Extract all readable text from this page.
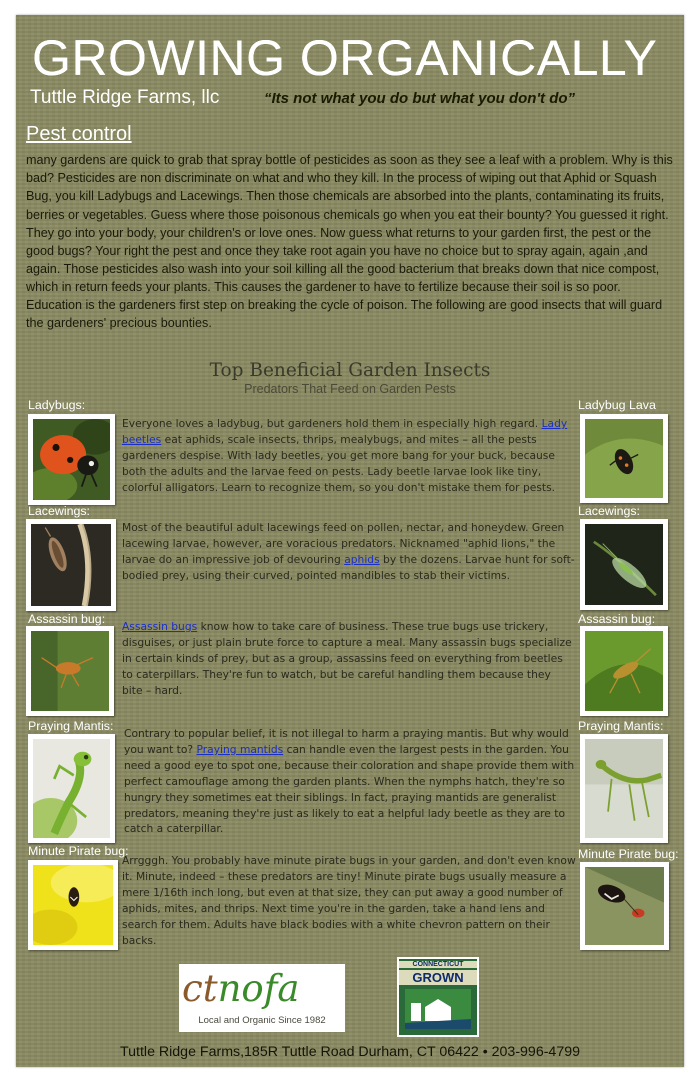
GROWING ORGANICALLY
Tuttle Ridge Farms, llc	“Its not what you do but what you don't do”
Pest control
many gardens are quick to grab that spray bottle of pesticides as soon as they see a leaf with a problem. Why is this bad? Pesticides are non discriminate on what and who they kill. In the process of wiping out that Aphid or Squash Bug, you kill Ladybugs and Lacewings. Then those chemicals are absorbed into the plants, contaminating its fruits, berries or vegetables. Guess where those poisonous chemicals go when you eat their bounty? You guessed it right. They go into your body, your children's or love ones. Now guess what returns to your garden first, the pest or the good bugs? Your right the pest and once they take root again you have no choice but to spray again, again ,and again. Those pesticides also wash into your soil killing all the good bacterium that breaks down that nice compost, which in return feeds your plants. This causes the gardener to have to fertilize because their soil is so poor.
Education is the gardeners first step on breaking the cycle of poison. The following are good insects that will guard the gardeners' precious bounties.
Top Beneficial Garden Insects
Predators That Feed on Garden Pests
Ladybugs:
Everyone loves a ladybug, but gardeners hold them in especially high regard. Lady beetles eat aphids, scale insects, thrips, mealybugs, and mites – all the pests gardeners despise. With lady beetles, you get more bang for your buck, because both the adults and the larvae feed on pests. Lady beetle larvae look like tiny, colorful alligators. Learn to recognize them, so you don't mistake them for pests.
Ladybug Lava
Lacewings:
Most of the beautiful adult lacewings feed on pollen, nectar, and honeydew. Green lacewing larvae, however, are voracious predators. Nicknamed "aphid lions," the larvae do an impressive job of devouring aphids by the dozens. Larvae hunt for soft-bodied prey, using their curved, pointed mandibles to stab their victims.
Lacewings:
Assassin bug:
Assassin bugs know how to take care of business. These true bugs use trickery, disguises, or just plain brute force to capture a meal. Many assassin bugs specialize in certain kinds of prey, but as a group, assassins feed on everything from beetles to caterpillars. They're fun to watch, but be careful handling them because they bite – hard.
Assassin bug:
Praying Mantis:
Contrary to popular belief, it is not illegal to harm a praying mantis. But why would you want to? Praying mantids can handle even the largest pests in the garden. You need a good eye to spot one, because their coloration and shape provide them with perfect camouflage among the garden plants. When the nymphs hatch, they're so hungry they sometimes eat their siblings. In fact, praying mantids are generalist predators, meaning they're just as likely to eat a helpful lady beetle as they are to catch a caterpillar.
Praying Mantis:
Minute Pirate bug:
Arrgggh. You probably have minute pirate bugs in your garden, and don't even know it. Minute, indeed – these predators are tiny! Minute pirate bugs usually measure a mere 1/16th inch long, but even at that size, they can put away a good number of aphids, mites, and thrips. Next time you're in the garden, take a hand lens and search for them. Adults have black bodies with a white chevron pattern on their backs.
Minute Pirate bug:
ctnofa
Local and Organic Since 1982
CONNECTICUT
GROWN
Tuttle Ridge Farms,185R Tuttle Road Durham, CT 06422 • 203-996-4799
